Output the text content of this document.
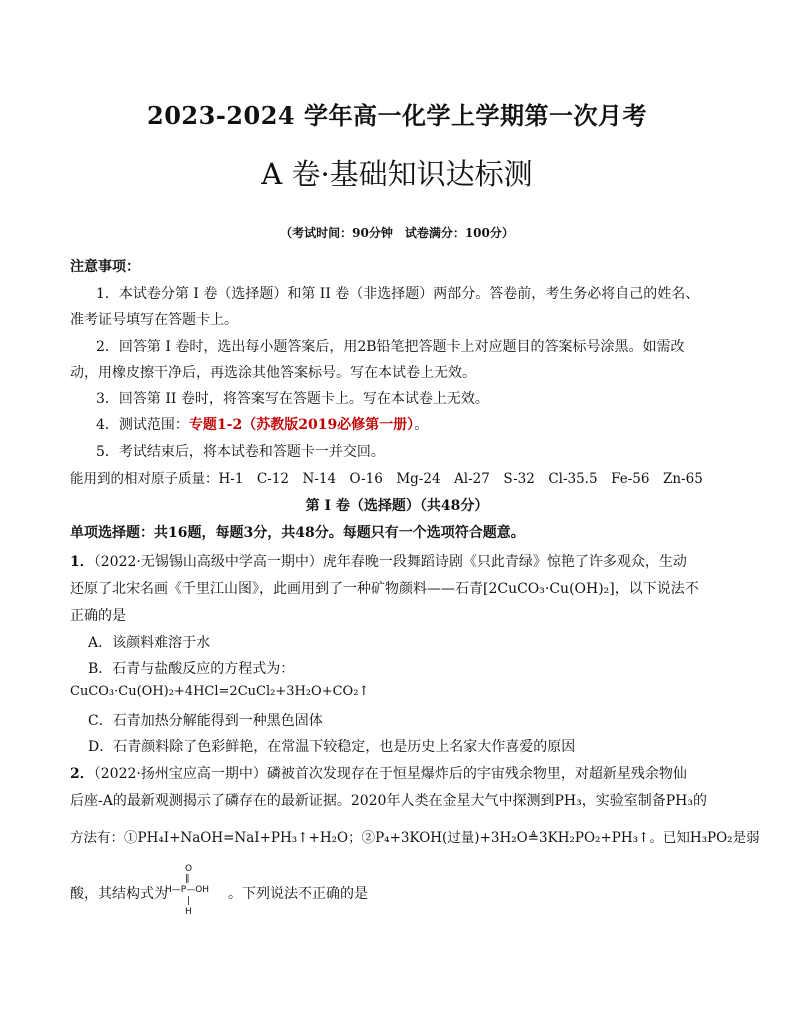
2023-2024 学年高一化学上学期第一次月考
A 卷·基础知识达标测
（考试时间：90分钟　试卷满分：100分）
注意事项：
1．本试卷分第 I 卷（选择题）和第 II 卷（非选择题）两部分。答卷前，考生务必将自己的姓名、
准考证号填写在答题卡上。
2．回答第 I 卷时，选出每小题答案后，用2B铅笔把答题卡上对应题目的答案标号涂黑。如需改
动，用橡皮擦干净后，再选涂其他答案标号。写在本试卷上无效。
3．回答第 II 卷时，将答案写在答题卡上。写在本试卷上无效。
4．测试范围：专题1-2（苏教版2019必修第一册）。
5．考试结束后，将本试卷和答题卡一并交回。
能用到的相对原子质量：H-1　C-12　N-14　O-16　Mg-24　Al-27　S-32　Cl-35.5　Fe-56　Zn-65
第 I 卷（选择题）（共48分）
单项选择题：共16题，每题3分，共48分。每题只有一个选项符合题意。
1．（2022·无锡锡山高级中学高一期中）虎年春晚一段舞蹈诗剧《只此青绿》惊艳了许多观众，生动
还原了北宋名画《千里江山图》，此画用到了一种矿物颜料——石青[2CuCO₃·Cu(OH)₂]，以下说法不
正确的是
A．该颜料难溶于水
B．石青与盐酸反应的方程式为：
CuCO₃·Cu(OH)₂+4HCl=2CuCl₂+3H₂O+CO₂↑
C．石青加热分解能得到一种黑色固体
D．石青颜料除了色彩鲜艳，在常温下较稳定，也是历史上名家大作喜爱的原因
2．（2022·扬州宝应高一期中）磷被首次发现存在于恒星爆炸后的宇宙残余物里，对超新星残余物仙
后座-A的最新观测揭示了磷存在的最新证据。2020年人类在金星大气中探测到PH₃，实验室制备PH₃的
方法有：①PH₄I+NaOH=NaI+PH₃↑+H₂O；②P₄+3KOH(过量)+3H₂O≜3KH₂PO₂+PH₃↑。已知H₃PO₂是弱
酸，其结构式为	。下列说法不正确的是
O
‖
H—P—OH
|
H
